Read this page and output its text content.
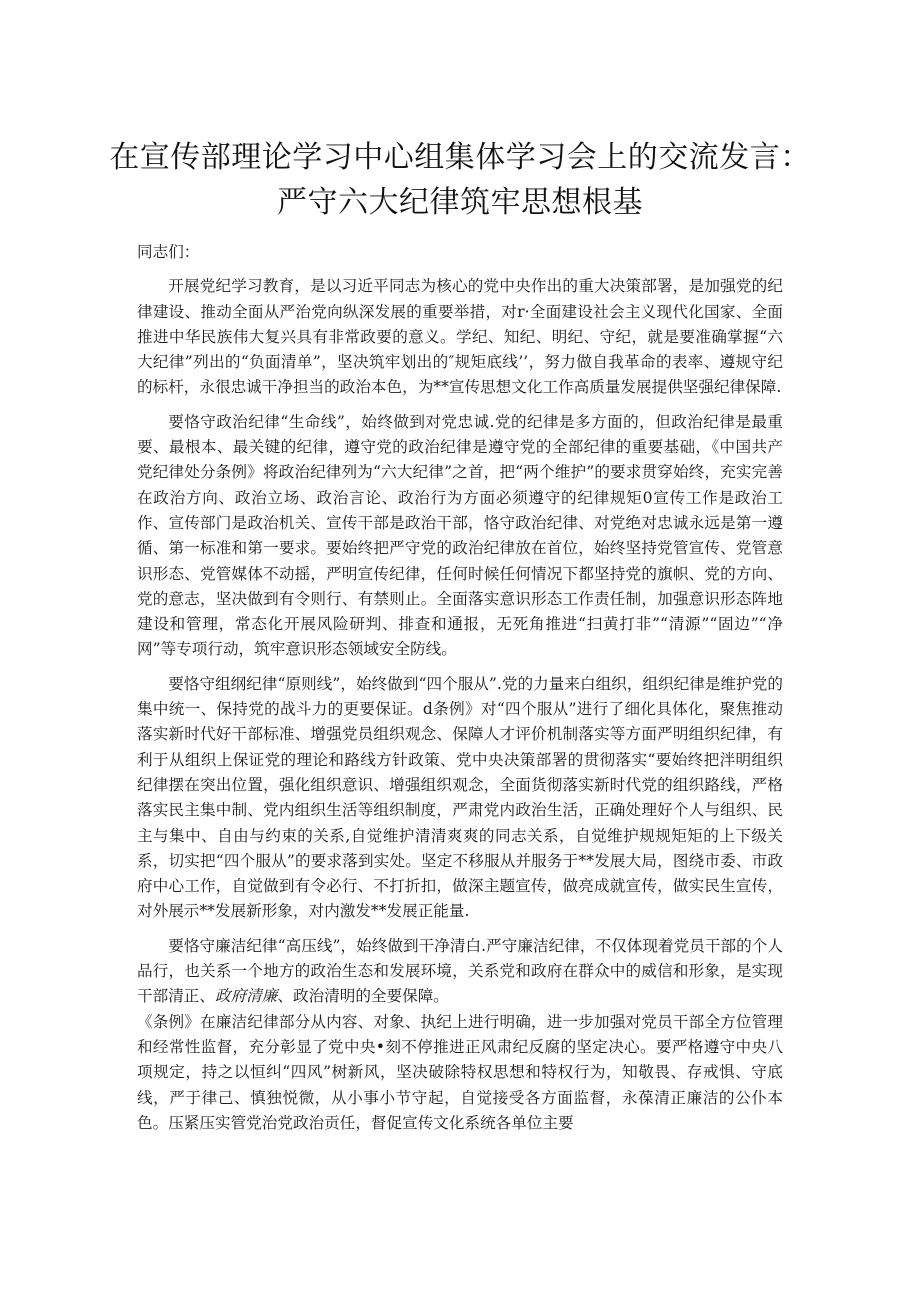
在宣传部理论学习中心组集体学习会上的交流发言：
严守六大纪律筑牢思想根基

同志们：

开展党纪学习教育，是以习近平同志为核心的党中央作出的重大决策部署，是加强党的纪律建设、推动全面从严治党向纵深发展的重要举措，对r·全面建设社会主义现代化国家、全面推进中华民族伟大复兴具有非常政要的意义。学纪、知纪、明纪、守纪，就是要准确掌握“六大纪律”列出的“负面清单”，坚决筑牢划出的″规矩底线’’，努力做自我革命的表率、遵规守纪的标杆，永很忠诚干净担当的政治本色，为**宣传思想文化工作高质量发展提供坚强纪律保障.

要恪守政治纪律“生命线”，始终做到对党忠诚.党的纪律是多方面的，但政治纪律是最重要、最根本、最关键的纪律，遵守党的政治纪律是遵守党的全部纪律的重要基础，《中国共产党纪律处分条例》将政治纪律列为“六大纪律”之首，把“两个维护”的要求贯穿始终，充实完善在政治方向、政治立场、政治言论、政治行为方面必须遵守的纪律规矩0宣传工作是政治工作、宣传部门是政治机关、宣传干部是政治干部，恪守政治纪律、对党绝对忠诚永远是第一遵循、第一标准和第一要求。要始终把严守党的政治纪律放在首位，始终坚持党管宣传、党管意识形态、党管媒体不动摇，严明宣传纪律，任何时候任何情况下都坚持党的旗帜、党的方向、党的意志，坚决做到有令则行、有禁则止。全面落实意识形态工作责任制，加强意识形态阵地建设和管理，常态化开展风险研判、排查和通报，无死角推进“扫黄打非”“清源”“固边”“净网”等专项行动，筑牢意识形态领域安全防线。

要恪守组纲纪律“原则线”，始终做到“四个服从”.党的力量来白组织，组织纪律是维护党的集中统一、保持党的战斗力的更要保证。d条例》对“四个服从”进行了细化具体化，聚焦推动落实新时代好干部标准、增强党员组织观念、保障人才评价机制落实等方面严明组织纪律，有利于从组织上保证党的理论和路线方针政策、党中央决策部署的贯彻落实“要始终把泮明组织纪律摆在突出位置，强化组织意识、增强组织观念，全面货彻落实新时代党的组织路线，严格落实民主集中制、党内组织生活等组织制度，严肃党内政治生活，正确处理好个人与组织、民主与集中、自由与约束的关系,自觉维护清清爽爽的同志关系，自觉维护规规矩矩的上下级关系，切实把“四个服从”的要求落到实处。坚定不移服从并服务于**发展大局，图绕市委、市政府中心工作，自觉做到有令必行、不打折扣，做深主题宣传，做亮成就宣传，做实民生宣传，对外展示**发展新形象，对内激发**发展正能量.

要恪守廉洁纪律“高压线”，始终做到干净清白.严守廉洁纪律，不仅体现着党员干部的个人品行，也关系一个地方的政治生态和发展环境，关系党和政府在群众中的威信和形象，是实现干部清正、政府清廉、政治清明的全要保障。

《条例》在廉洁纪律部分从内容、对象、执纪上进行明确，进一步加强对党员干部全方位管理和经常性监督，充分彰显了党中央•刻不停推进正风肃纪反腐的坚定决心。要严格遵守中央八项规定，持之以恒纠“四风”树新风，坚决破除特权思想和特权行为，知敬畏、存戒惧、守底线，严于律己、慎独悦微，从小事小节守起，自觉接受各方面监督，永葆清正廉洁的公仆本色。压紧压实管党治党政治贡任，督促宣传文化系统各单位主要
